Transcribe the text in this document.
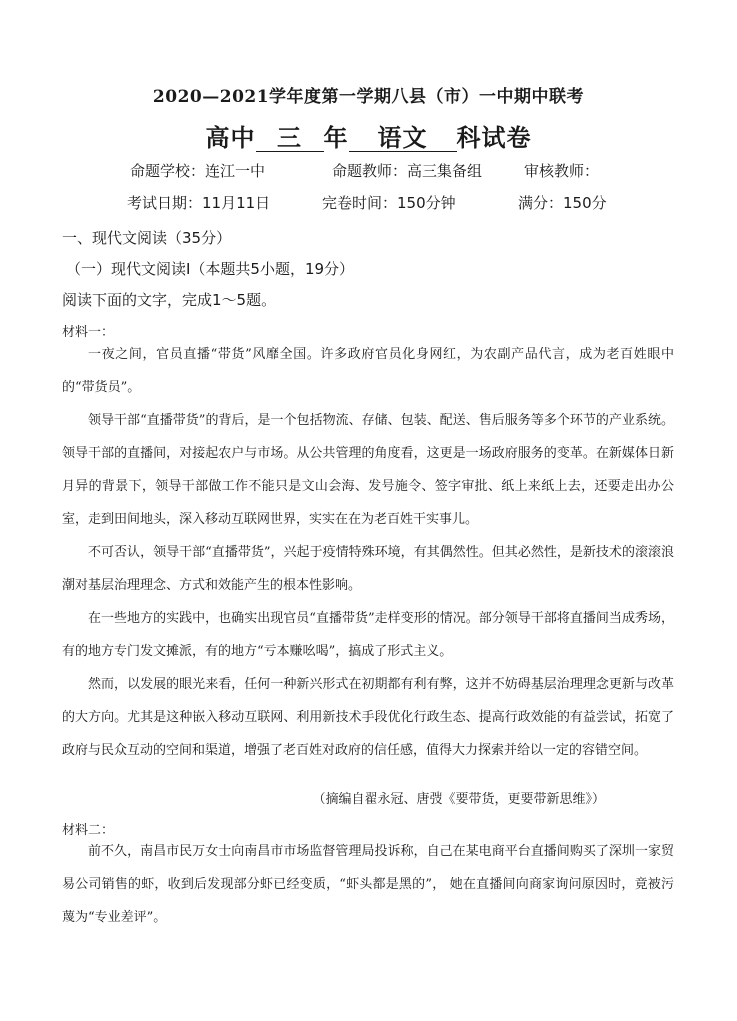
2020—2021学年度第一学期八县（市）一中期中联考
高中 三 年 语文 科试卷
命题学校：连江一中	命题教师：高三集备组	审核教师：
考试日期：11月11日	完卷时间：150分钟	满分：150分
一、现代文阅读（35分）
（一）现代文阅读Ⅰ（本题共5小题，19分）
阅读下面的文字，完成1～5题。
材料一：

一夜之间，官员直播“带货”风靡全国。许多政府官员化身网红，为农副产品代言，成为老百姓眼中的“带货员”。

领导干部“直播带货”的背后，是一个包括物流、存储、包装、配送、售后服务等多个环节的产业系统。领导干部的直播间，对接起农户与市场。从公共管理的角度看，这更是一场政府服务的变革。在新媒体日新月异的背景下，领导干部做工作不能只是文山会海、发号施令、签字审批、纸上来纸上去，还要走出办公室，走到田间地头，深入移动互联网世界，实实在在为老百姓干实事儿。

不可否认，领导干部“直播带货”，兴起于疫情特殊环境，有其偶然性。但其必然性，是新技术的滚滚浪潮对基层治理理念、方式和效能产生的根本性影响。

在一些地方的实践中，也确实出现官员“直播带货”走样变形的情况。部分领导干部将直播间当成秀场，有的地方专门发文摊派，有的地方“亏本赚吆喝”，搞成了形式主义。

然而，以发展的眼光来看，任何一种新兴形式在初期都有利有弊，这并不妨碍基层治理理念更新与改革的大方向。尤其是这种嵌入移动互联网、利用新技术手段优化行政生态、提高行政效能的有益尝试，拓宽了政府与民众互动的空间和渠道，增强了老百姓对政府的信任感，值得大力探索并给以一定的容错空间。

（摘编自翟永冠、唐弢《要带货，更要带新思维》）
材料二：

前不久，南昌市民万女士向南昌市市场监督管理局投诉称，自己在某电商平台直播间购买了深圳一家贸易公司销售的虾，收到后发现部分虾已经变质，“虾头都是黑的”， 她在直播间向商家询问原因时，竟被污蔑为“专业差评”。
